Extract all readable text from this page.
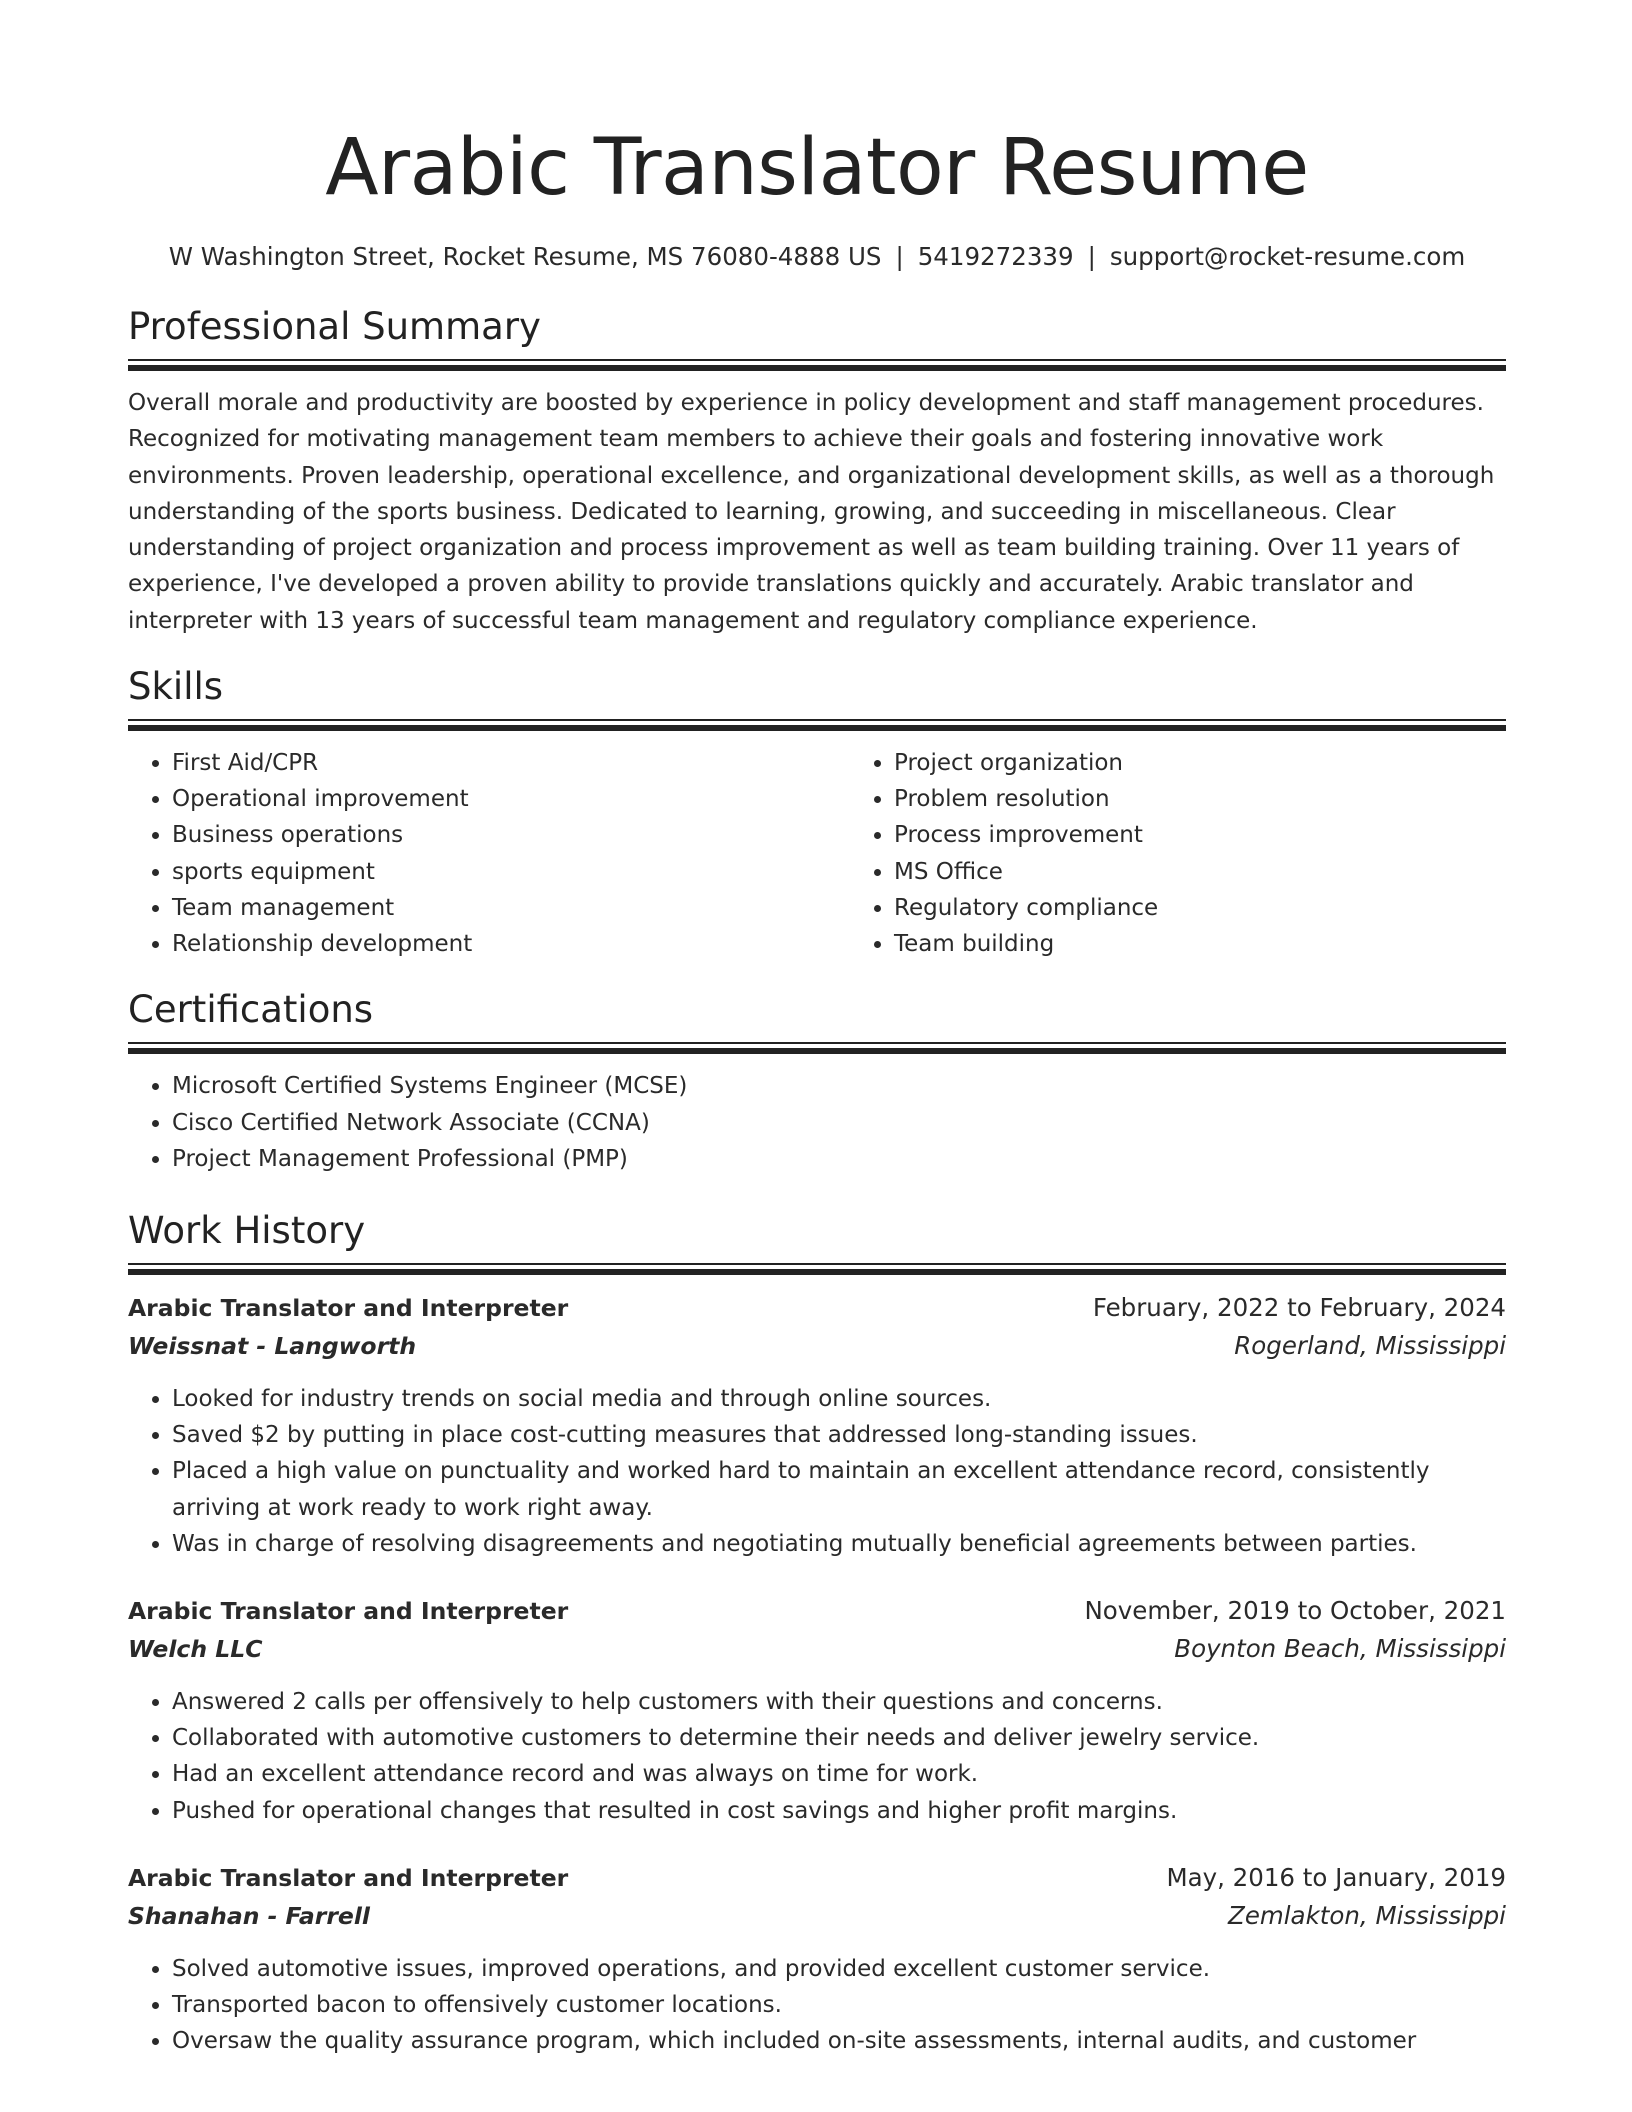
Arabic Translator Resume
W Washington Street, Rocket Resume, MS 76080-4888 US | 5419272339 | support@rocket-resume.com
Professional Summary

Overall morale and productivity are boosted by experience in policy development and staff management procedures. Recognized for motivating management team members to achieve their goals and fostering innovative work environments. Proven leadership, operational excellence, and organizational development skills, as well as a thorough understanding of the sports business. Dedicated to learning, growing, and succeeding in miscellaneous. Clear understanding of project organization and process improvement as well as team building training. Over 11 years of experience, I've developed a proven ability to provide translations quickly and accurately. Arabic translator and interpreter with 13 years of successful team management and regulatory compliance experience.

Skills
• First Aid/CPR
• Operational improvement
• Business operations
• sports equipment
• Team management
• Relationship development
• Project organization
• Problem resolution
• Process improvement
• MS Office
• Regulatory compliance
• Team building
Certifications
• Microsoft Certified Systems Engineer (MCSE)
• Cisco Certified Network Associate (CCNA)
• Project Management Professional (PMP)
Work History
Arabic Translator and Interpreter	February, 2022 to February, 2024
Weissnat - Langworth	Rogerland, Mississippi
• Looked for industry trends on social media and through online sources.
• Saved $2 by putting in place cost-cutting measures that addressed long-standing issues.
• Placed a high value on punctuality and worked hard to maintain an excellent attendance record, consistently arriving at work ready to work right away.
• Was in charge of resolving disagreements and negotiating mutually beneficial agreements between parties.
Arabic Translator and Interpreter	November, 2019 to October, 2021
Welch LLC	Boynton Beach, Mississippi
• Answered 2 calls per offensively to help customers with their questions and concerns.
• Collaborated with automotive customers to determine their needs and deliver jewelry service.
• Had an excellent attendance record and was always on time for work.
• Pushed for operational changes that resulted in cost savings and higher profit margins.
Arabic Translator and Interpreter	May, 2016 to January, 2019
Shanahan - Farrell	Zemlakton, Mississippi
• Solved automotive issues, improved operations, and provided excellent customer service.
• Transported bacon to offensively customer locations.
• Oversaw the quality assurance program, which included on-site assessments, internal audits, and customer
